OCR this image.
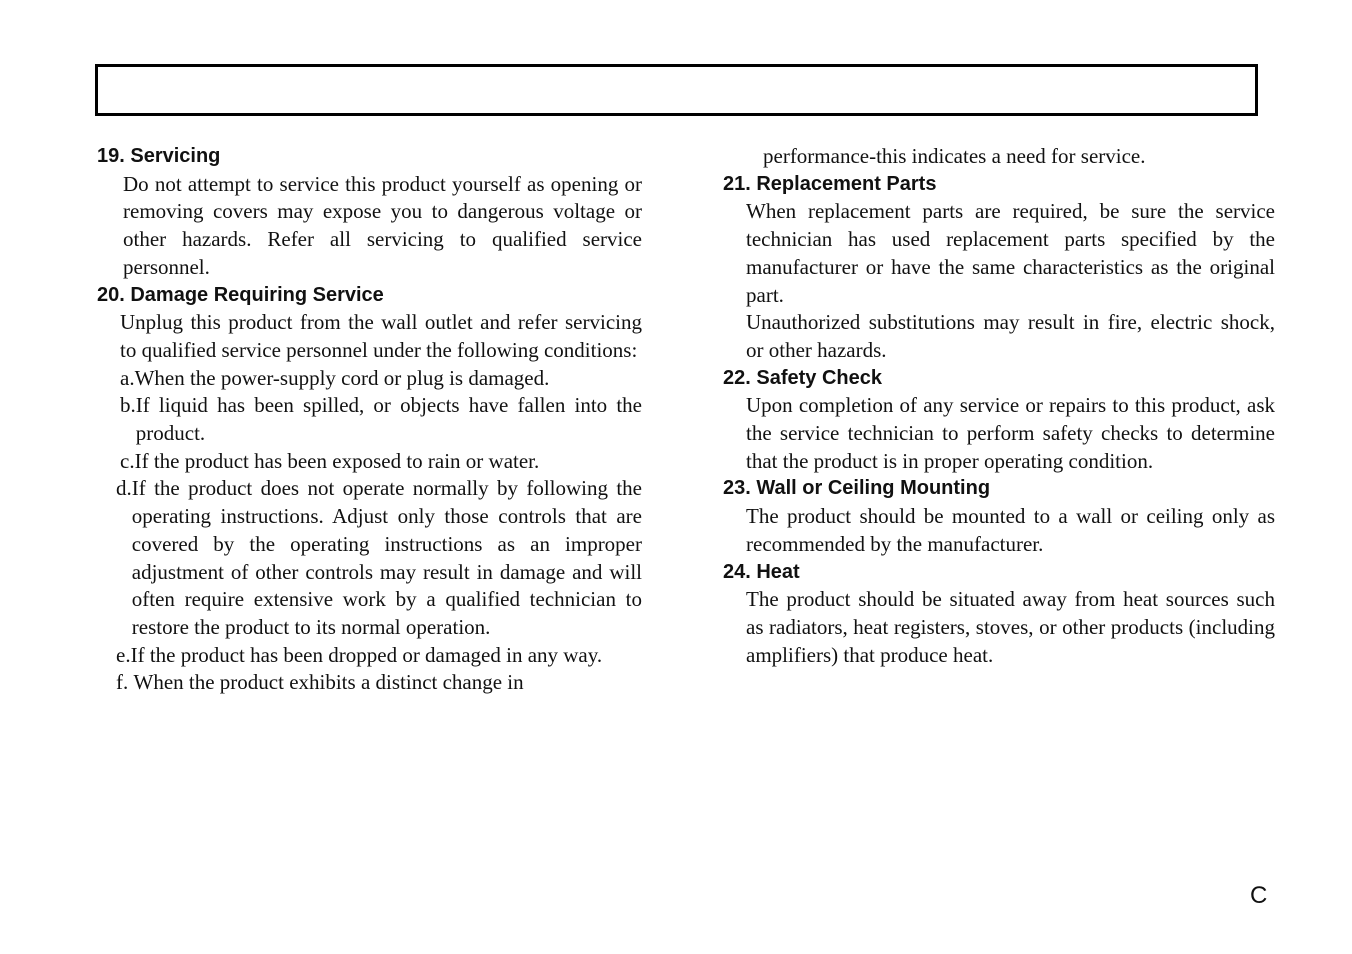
19. Servicing

Do not attempt to service this product yourself as opening or removing covers may expose you to dangerous voltage or other hazards. Refer all servicing to qualified service personnel.

20. Damage Requiring Service

Unplug this product from the wall outlet and refer servicing to qualified service personnel under the following conditions:

a. When the power-supply cord or plug is damaged.
b. If liquid has been spilled, or objects have fallen into the product.
c. If the product has been exposed to rain or water.
d. If the product does not operate normally by following the operating instructions. Adjust only those controls that are covered by the operating instructions as an improper adjustment of other controls may result in damage and will often require extensive work by a qualified technician to restore the product to its normal operation.
e. If the product has been dropped or damaged in any way.
f. When the product exhibits a distinct change in

performance-this indicates a need for service.

21. Replacement Parts

When replacement parts are required, be sure the service technician has used replacement parts specified by the manufacturer or have the same characteristics as the original part.

Unauthorized substitutions may result in fire, electric shock, or other hazards.

22. Safety Check

Upon completion of any service or repairs to this product, ask the service technician to perform safety checks to determine that the product is in proper operating condition.

23. Wall or Ceiling Mounting

The product should be mounted to a wall or ceiling only as recommended by the manufacturer.

24. Heat

The product should be situated away from heat sources such as radiators, heat registers, stoves, or other products (including amplifiers) that produce heat.

C
